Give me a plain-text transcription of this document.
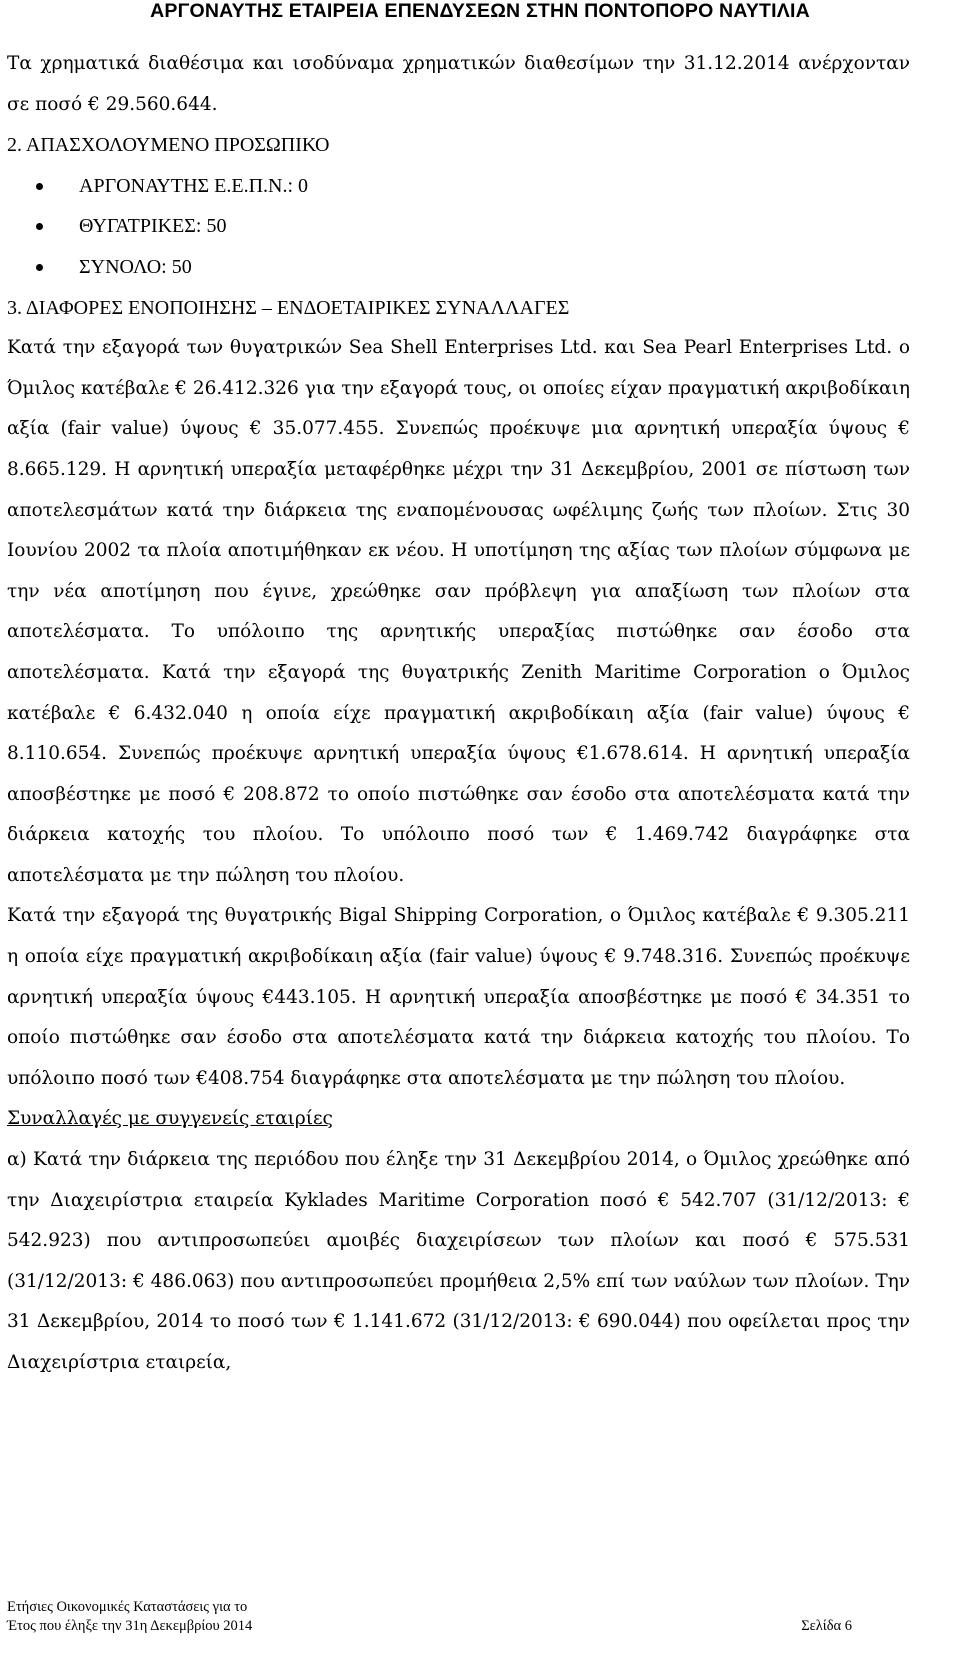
ΑΡΓΟΝΑΥΤΗΣ ΕΤΑΙΡΕΙΑ ΕΠΕΝΔΥΣΕΩΝ ΣΤΗΝ ΠΟΝΤΟΠΟΡΟ ΝΑΥΤΙΛΙΑ

Τα χρηματικά διαθέσιμα και ισοδύναμα χρηματικών διαθεσίμων την 31.12.2014 ανέρχονταν σε ποσό € 29.560.644.

2. ΑΠΑΣΧΟΛΟΥΜΕΝΟ ΠΡΟΣΩΠΙΚΟ

ΑΡΓΟΝΑΥΤΗΣ Ε.Ε.Π.Ν.: 0
ΘΥΓΑΤΡΙΚΕΣ: 50
ΣΥΝΟΛΟ: 50

3. ΔΙΑΦΟΡΕΣ ΕΝΟΠΟΙΗΣΗΣ – ΕΝΔΟΕΤΑΙΡΙΚΕΣ ΣΥΝΑΛΛΑΓΕΣ

Κατά την εξαγορά των θυγατρικών Sea Shell Enterprises Ltd. και Sea Pearl Enterprises Ltd. ο Όμιλος κατέβαλε € 26.412.326 για την εξαγορά τους, οι οποίες είχαν πραγματική ακριβοδίκαιη αξία (fair value) ύψους € 35.077.455. Συνεπώς προέκυψε μια αρνητική υπεραξία ύψους € 8.665.129. Η αρνητική υπεραξία μεταφέρθηκε μέχρι την 31 Δεκεμβρίου, 2001 σε πίστωση των αποτελεσμάτων κατά την διάρκεια της εναπομένουσας ωφέλιμης ζωής των πλοίων. Στις 30 Ιουνίου 2002 τα πλοία αποτιμήθηκαν εκ νέου. Η υποτίμηση της αξίας των πλοίων σύμφωνα με την νέα αποτίμηση που έγινε, χρεώθηκε σαν πρόβλεψη για απαξίωση των πλοίων στα αποτελέσματα. Το υπόλοιπο της αρνητικής υπεραξίας πιστώθηκε σαν έσοδο στα αποτελέσματα. Κατά την εξαγορά της θυγατρικής Zenith Maritime Corporation ο Όμιλος κατέβαλε € 6.432.040 η οποία είχε πραγματική ακριβοδίκαιη αξία (fair value) ύψους € 8.110.654. Συνεπώς προέκυψε αρνητική υπεραξία ύψους €1.678.614. Η αρνητική υπεραξία αποσβέστηκε με ποσό € 208.872 το οποίο πιστώθηκε σαν έσοδο στα αποτελέσματα κατά την διάρκεια κατοχής του πλοίου. Το υπόλοιπο ποσό των € 1.469.742 διαγράφηκε στα αποτελέσματα με την πώληση του πλοίου.

Κατά την εξαγορά της θυγατρικής Bigal Shipping Corporation, ο Όμιλος κατέβαλε € 9.305.211 η οποία είχε πραγματική ακριβοδίκαιη αξία (fair value) ύψους € 9.748.316. Συνεπώς προέκυψε αρνητική υπεραξία ύψους €443.105. Η αρνητική υπεραξία αποσβέστηκε με ποσό € 34.351 το οποίο πιστώθηκε σαν έσοδο στα αποτελέσματα κατά την διάρκεια κατοχής του πλοίου. Το υπόλοιπο ποσό των €408.754 διαγράφηκε στα αποτελέσματα με την πώληση του πλοίου.

Συναλλαγές με συγγενείς εταιρίες

α) Κατά την διάρκεια της περιόδου που έληξε την 31 Δεκεμβρίου 2014, ο Όμιλος χρεώθηκε από την Διαχειρίστρια εταιρεία Kyklades Maritime Corporation ποσό € 542.707 (31/12/2013: € 542.923) που αντιπροσωπεύει αμοιβές διαχειρίσεων των πλοίων και ποσό € 575.531 (31/12/2013: € 486.063) που αντιπροσωπεύει προμήθεια 2,5% επί των ναύλων των πλοίων. Την 31 Δεκεμβρίου, 2014 το ποσό των € 1.141.672 (31/12/2013: € 690.044) που οφείλεται προς την Διαχειρίστρια εταιρεία,

Ετήσιες Οικονομικές Καταστάσεις για το
Έτος που έληξε την 31η Δεκεμβρίου 2014	Σελίδα 6
